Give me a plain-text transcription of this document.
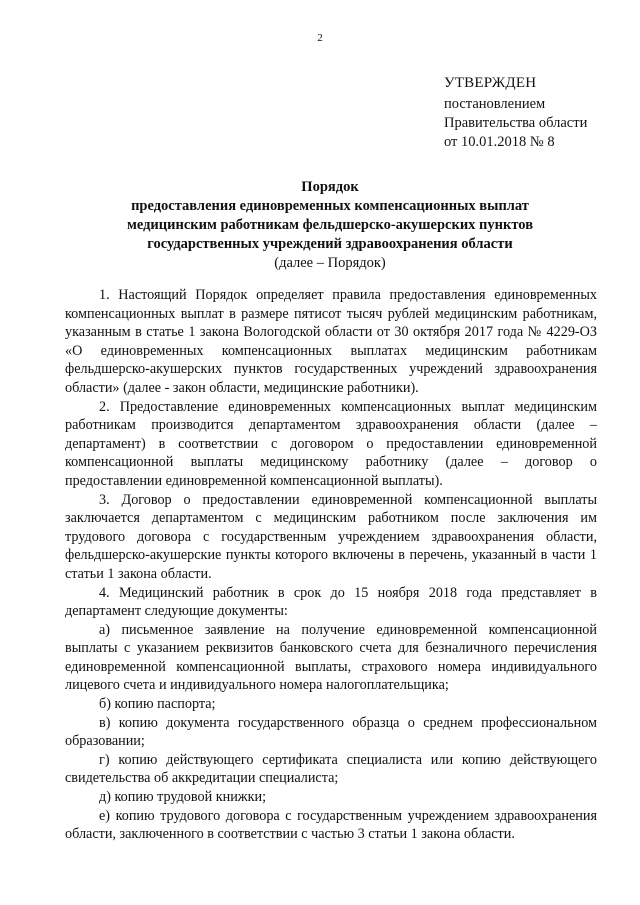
2
УТВЕРЖДЕН
постановлением
Правительства области
от 10.01.2018 № 8
Порядок
предоставления единовременных компенсационных выплат
медицинским работникам фельдшерско-акушерских пунктов
государственных учреждений здравоохранения области
(далее – Порядок)

1. Настоящий Порядок определяет правила предоставления единовременных компенсационных выплат в размере пятисот тысяч рублей медицинским работникам, указанным в статье 1 закона Вологодской области от 30 октября 2017 года № 4229-ОЗ «О единовременных компенсационных выплатах медицинским работникам фельдшерско-акушерских пунктов государственных учреждений здравоохранения области» (далее - закон области, медицинские работники).

2. Предоставление единовременных компенсационных выплат медицинским работникам производится департаментом здравоохранения области (далее – департамент) в соответствии с договором о предоставлении единовременной компенсационной выплаты медицинскому работнику (далее – договор о предоставлении единовременной компенсационной выплаты).

3. Договор о предоставлении единовременной компенсационной выплаты заключается департаментом с медицинским работником после заключения им трудового договора с государственным учреждением здравоохранения области, фельдшерско-акушерские пункты которого включены в перечень, указанный в части 1 статьи 1 закона области.

4. Медицинский работник в срок до 15 ноября 2018 года представляет в департамент следующие документы:

а) письменное заявление на получение единовременной компенсационной выплаты с указанием реквизитов банковского счета для безналичного перечисления единовременной компенсационной выплаты, страхового номера индивидуального лицевого счета и индивидуального номера налогоплательщика;

б) копию паспорта;

в) копию документа государственного образца о среднем профессиональном образовании;

г) копию действующего сертификата специалиста или копию действующего свидетельства об аккредитации специалиста;

д) копию трудовой книжки;

е) копию трудового договора с государственным учреждением здравоохранения области, заключенного в соответствии с частью 3 статьи 1 закона области.
